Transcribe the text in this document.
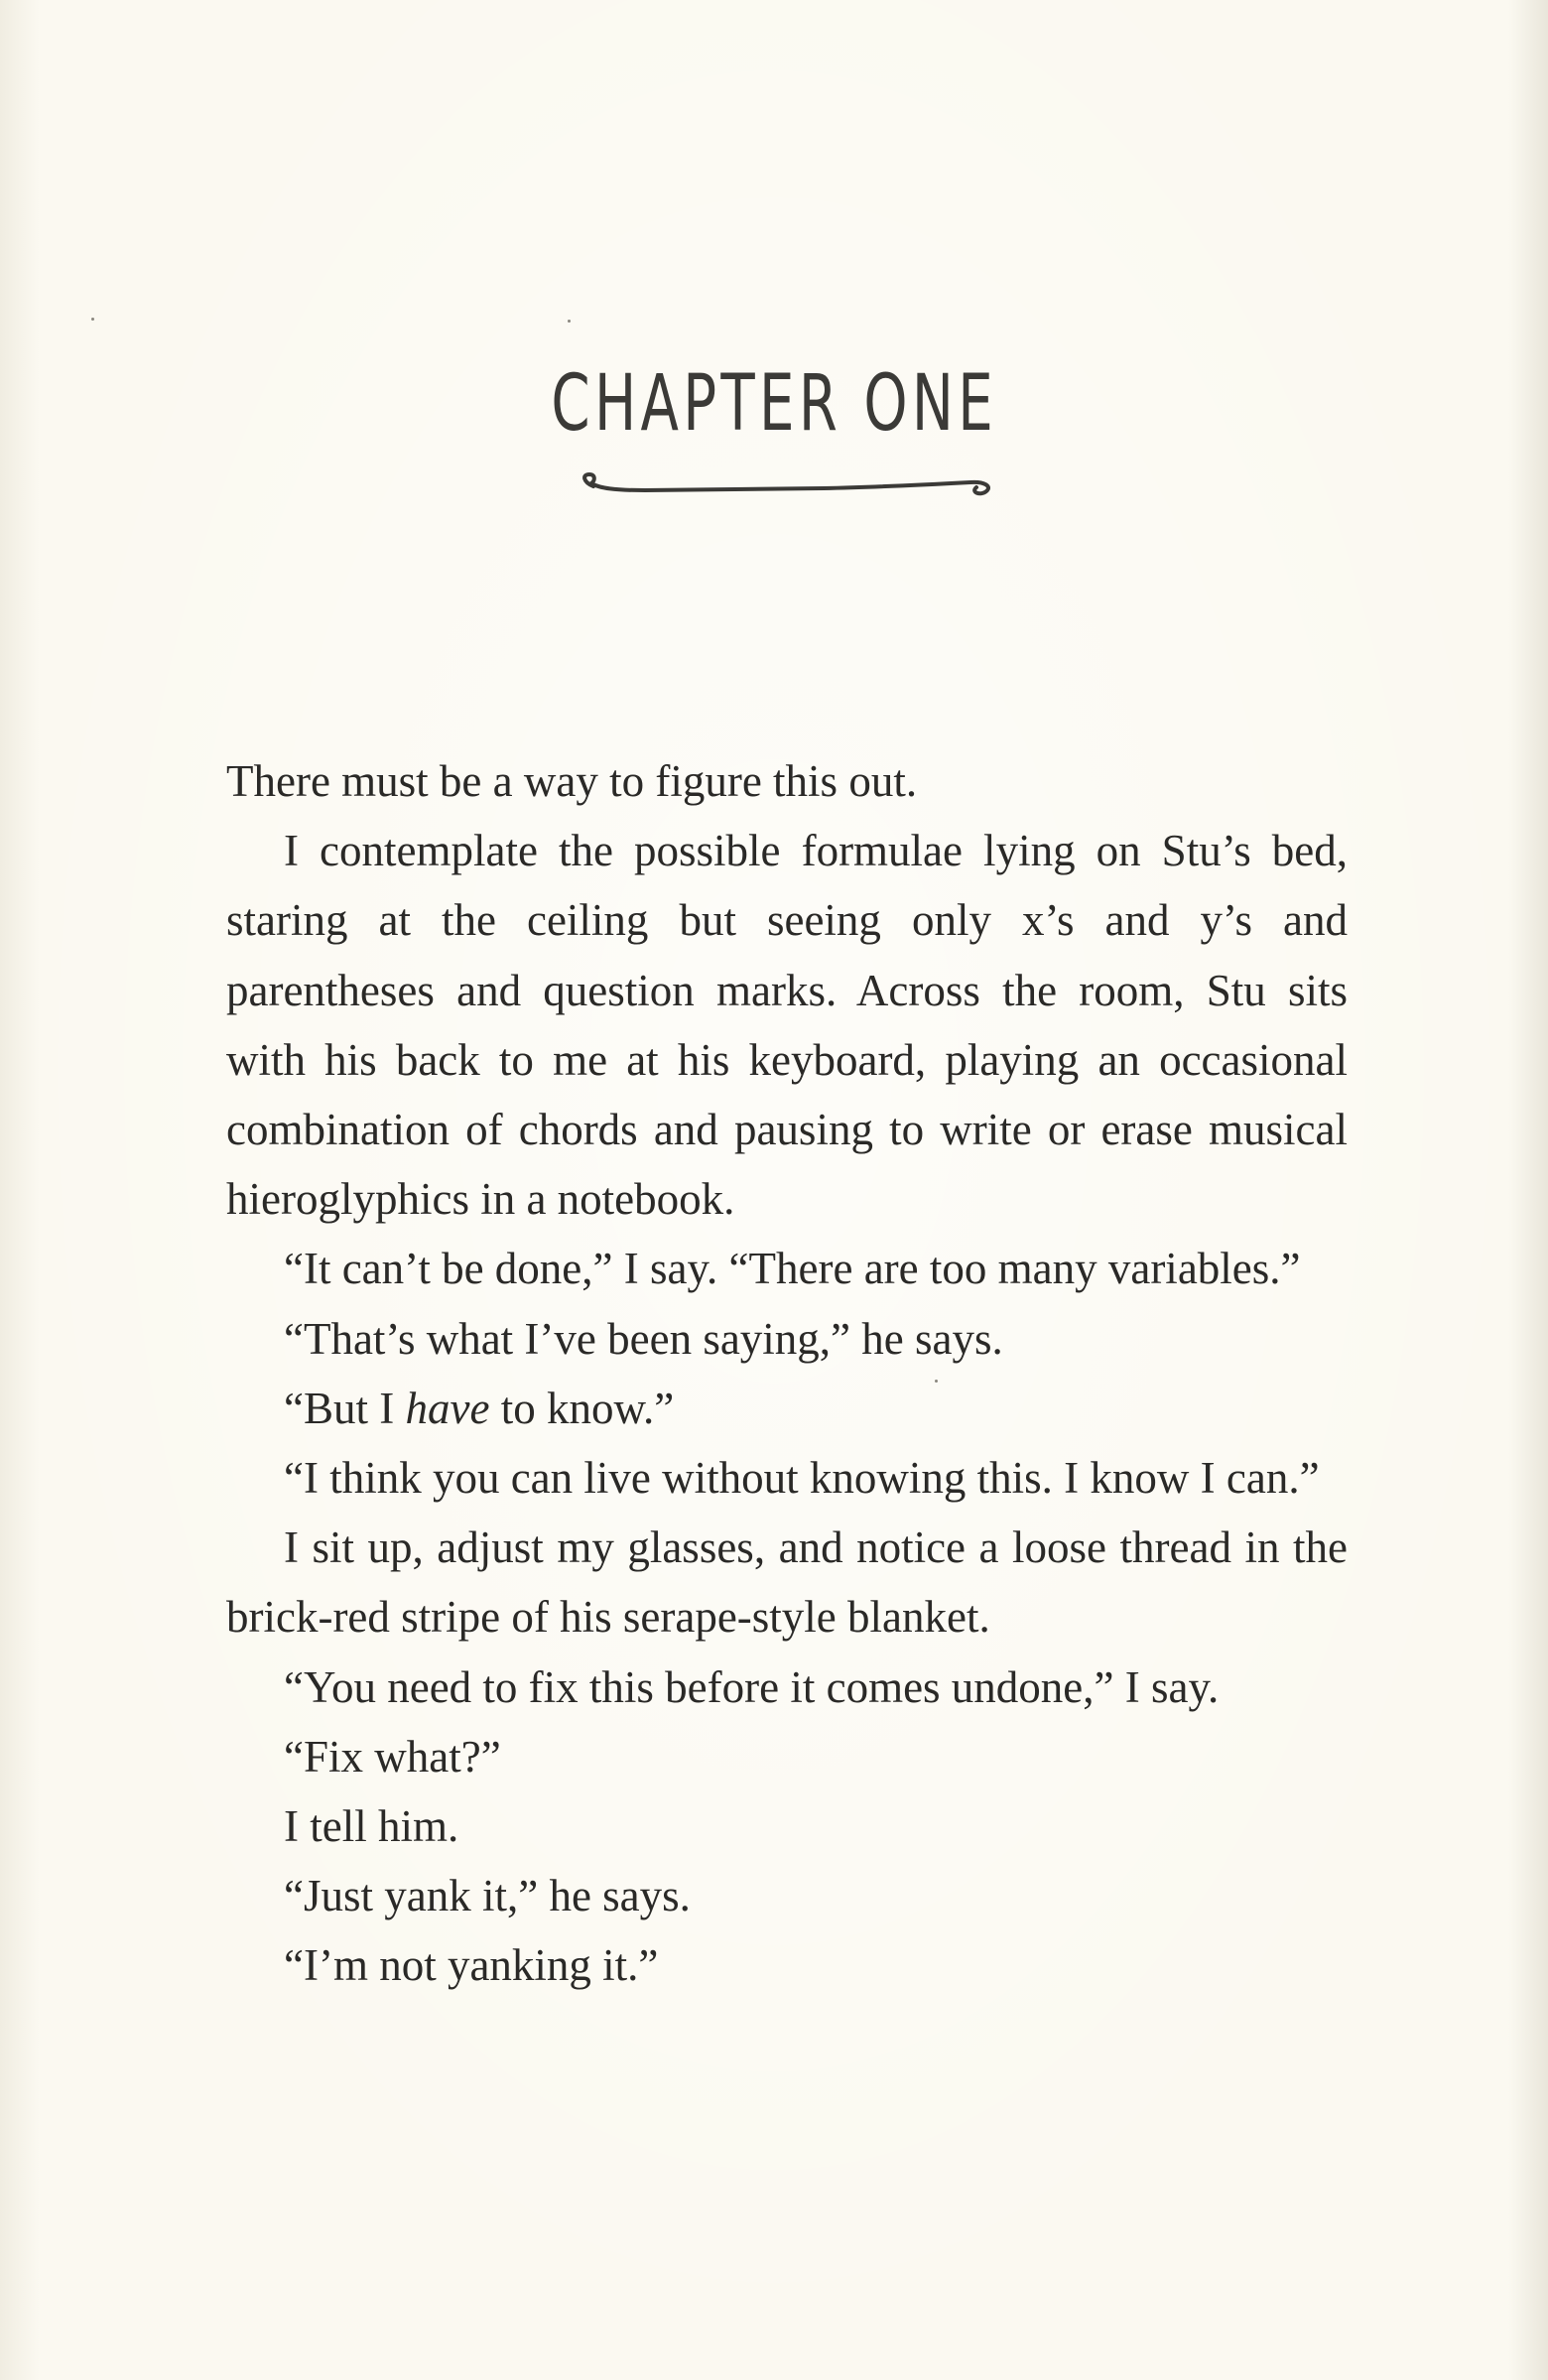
CHAPTER ONE

There must be a way to figure this out.

I contemplate the possible formulae lying on Stu’s bed, staring at the ceiling but seeing only x’s and y’s and parentheses and question marks. Across the room, Stu sits with his back to me at his keyboard, playing an occasional combination of chords and pausing to write or erase musical hieroglyphics in a notebook.

“It can’t be done,” I say. “There are too many variables.”

“That’s what I’ve been saying,” he says.

“But I have to know.”

“I think you can live without knowing this. I know I can.”

I sit up, adjust my glasses, and notice a loose thread in the brick-red stripe of his serape-style blanket.

“You need to fix this before it comes undone,” I say.

“Fix what?”

I tell him.

“Just yank it,” he says.

“I’m not yanking it.”
